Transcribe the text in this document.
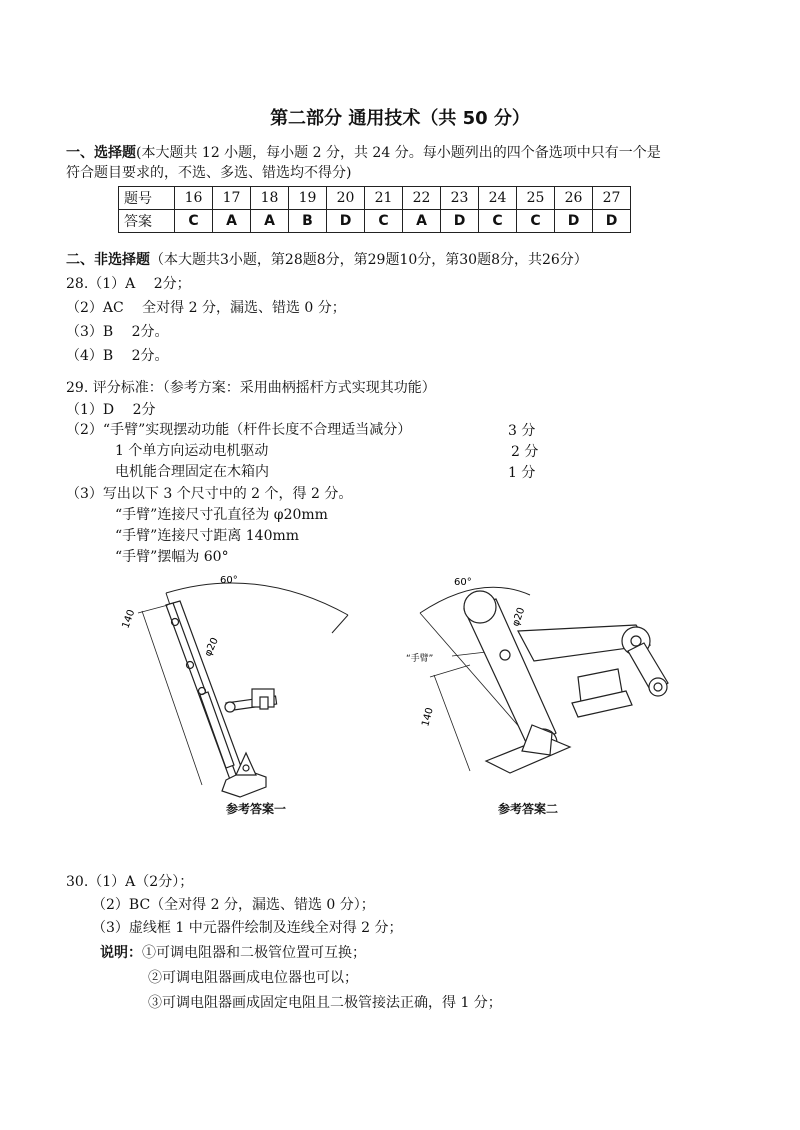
第二部分 通用技术（共 50 分）
一、选择题(本大题共 12 小题，每小题 2 分，共 24 分。每小题列出的四个备选项中只有一个是
符合题目要求的，不选、多选、错选均不得分)
题号	16	17	18	19	20	21	22	23	24	25	26	27
答案	C	A	A	B	D	C	A	D	C	C	D	D
二、非选择题（本大题共3小题，第28题8分，第29题10分，第30题8分，共26分）
28.（1）A　 2分；
（2）AC　 全对得 2 分，漏选、错选 0 分；
（3）B　 2分。
（4）B　 2分。
29. 评分标准：（参考方案：采用曲柄摇杆方式实现其功能）
（1）D　 2分
（2）“手臂”实现摆动功能（杆件长度不合理适当减分）	3 分
1 个单方向运动电机驱动	2 分
电机能合理固定在木箱内	1 分
（3）写出以下 3 个尺寸中的 2 个，得 2 分。
“手臂”连接尺寸孔直径为 φ20mm
“手臂”连接尺寸距离 140mm
“手臂”摆幅为 60°
60°
140
φ20
参考答案一
60°
140
φ20
“手臂”
参考答案二
30.（1）A（2分）；
（2）BC（全对得 2 分，漏选、错选 0 分）；
（3）虚线框 1 中元器件绘制及连线全对得 2 分；
说明：①可调电阻器和二极管位置可互换；
②可调电阻器画成电位器也可以；
③可调电阻器画成固定电阻且二极管接法正确，得 1 分；
